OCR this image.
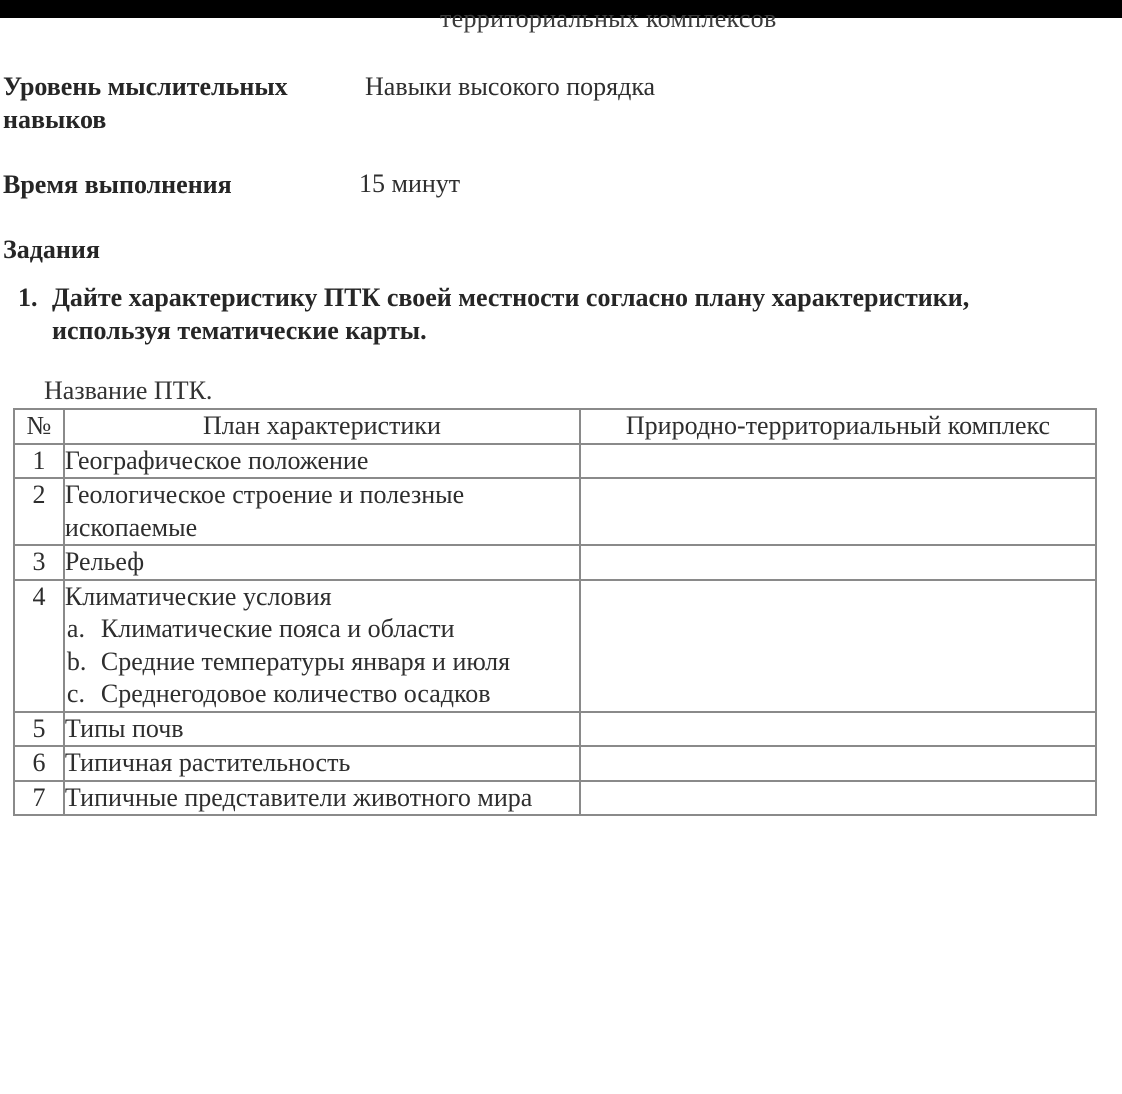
территориальных комплексов
Уровень мыслительных навыков
Навыки высокого порядка
Время выполнения	15 минут
Задания
1. Дайте характеристику ПТК своей местности согласно плану характеристики, используя тематические карты.
Название ПТК.
№	План характеристики	Природно-территориальный комплекс
1	Географическое положение	
2	Геологическое строение и полезные ископаемые	
3	Рельеф	
4	Климатические условия
a. Климатические пояса и области
b. Средние температуры января и июля
c. Среднегодовое количество осадков	

5	Типы почв	
6	Типичная растительность	
7	Типичные представители животного мира	
